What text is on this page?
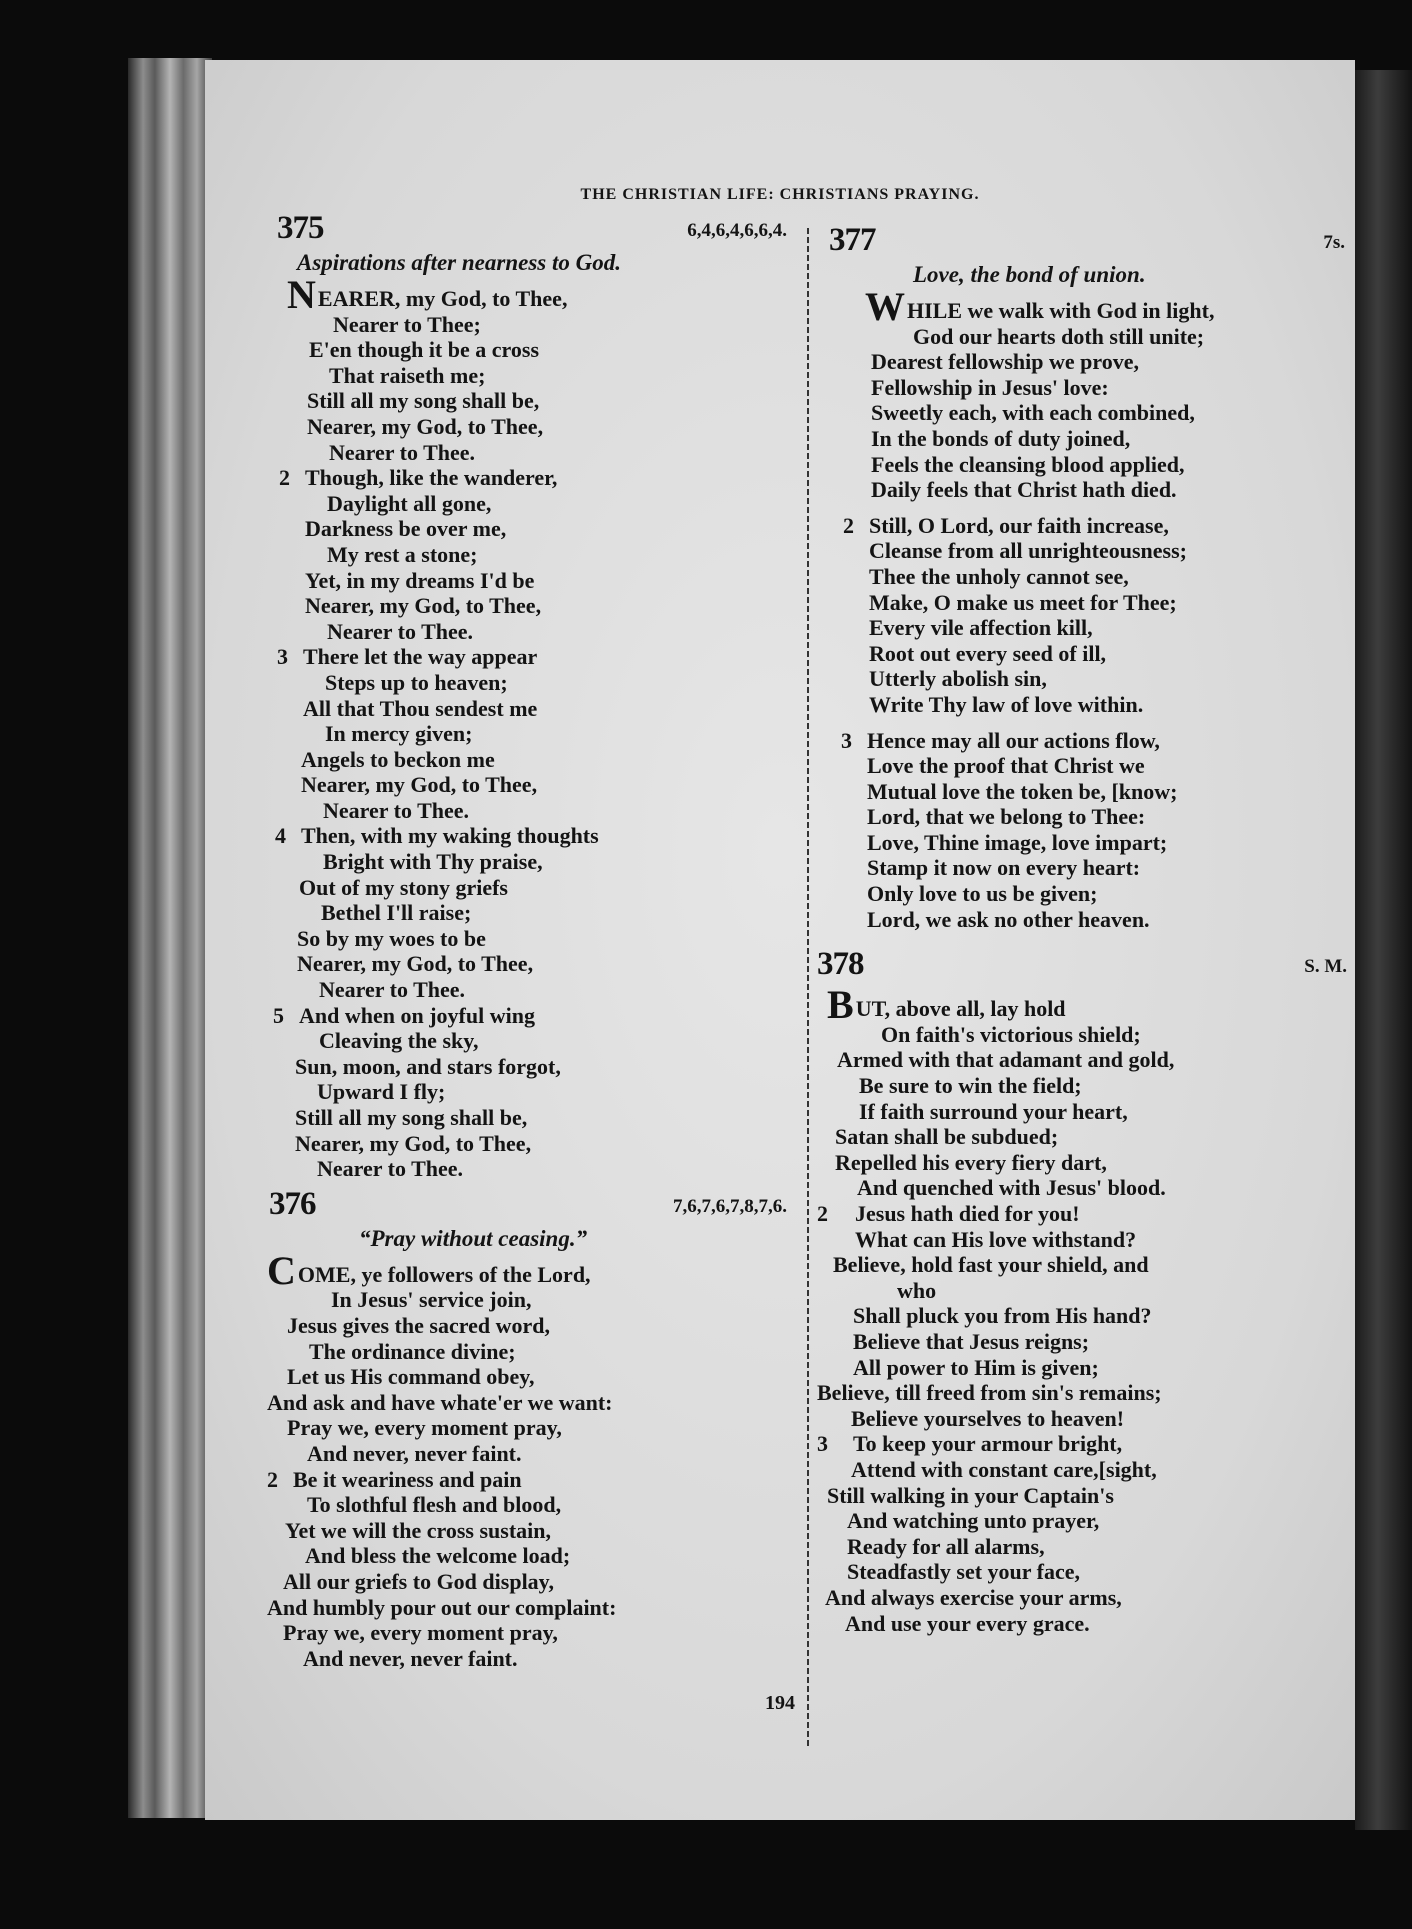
THE CHRISTIAN LIFE: CHRISTIANS PRAYING.
375	6,4,6,4,6,6,4.
Aspirations after nearness to God.
NEARER, my God, to Thee,
Nearer to Thee;
E'en though it be a cross
That raiseth me;
Still all my song shall be,
Nearer, my God, to Thee,
Nearer to Thee.
2 Though, like the wanderer,
Daylight all gone,
Darkness be over me,
My rest a stone;
Yet, in my dreams I'd be
Nearer, my God, to Thee,
Nearer to Thee.
3 There let the way appear
Steps up to heaven;
All that Thou sendest me
In mercy given;
Angels to beckon me
Nearer, my God, to Thee,
Nearer to Thee.
4 Then, with my waking thoughts
Bright with Thy praise,
Out of my stony griefs
Bethel I'll raise;
So by my woes to be
Nearer, my God, to Thee,
Nearer to Thee.
5 And when on joyful wing
Cleaving the sky,
Sun, moon, and stars forgot,
Upward I fly;
Still all my song shall be,
Nearer, my God, to Thee,
Nearer to Thee.
376	7,6,7,6,7,8,7,6.
“Pray without ceasing.”
COME, ye followers of the Lord,
In Jesus' service join,
Jesus gives the sacred word,
The ordinance divine;
Let us His command obey,
And ask and have whate'er we want:
Pray we, every moment pray,
And never, never faint.
2 Be it weariness and pain
To slothful flesh and blood,
Yet we will the cross sustain,
And bless the welcome load;
All our griefs to God display,
And humbly pour out our complaint:
Pray we, every moment pray,
And never, never faint.
377	7s.
Love, the bond of union.
WHILE we walk with God in light,
God our hearts doth still unite;
Dearest fellowship we prove,
Fellowship in Jesus' love:
Sweetly each, with each combined,
In the bonds of duty joined,
Feels the cleansing blood applied,
Daily feels that Christ hath died.
2 Still, O Lord, our faith increase,
Cleanse from all unrighteousness;
Thee the unholy cannot see,
Make, O make us meet for Thee;
Every vile affection kill,
Root out every seed of ill,
Utterly abolish sin,
Write Thy law of love within.
3 Hence may all our actions flow,
Love the proof that Christ we
Mutual love the token be, [know;
Lord, that we belong to Thee:
Love, Thine image, love impart;
Stamp it now on every heart:
Only love to us be given;
Lord, we ask no other heaven.
378	S. M.
BUT, above all, lay hold
On faith's victorious shield;
Armed with that adamant and gold,
Be sure to win the field;
If faith surround your heart,
Satan shall be subdued;
Repelled his every fiery dart,
And quenched with Jesus' blood.
2 Jesus hath died for you!
What can His love withstand?
Believe, hold fast your shield, and
who
Shall pluck you from His hand?
Believe that Jesus reigns;
All power to Him is given;
Believe, till freed from sin's remains;
Believe yourselves to heaven!
3 To keep your armour bright,
Attend with constant care,[sight,
Still walking in your Captain's
And watching unto prayer,
Ready for all alarms,
Steadfastly set your face,
And always exercise your arms,
And use your every grace.
194
